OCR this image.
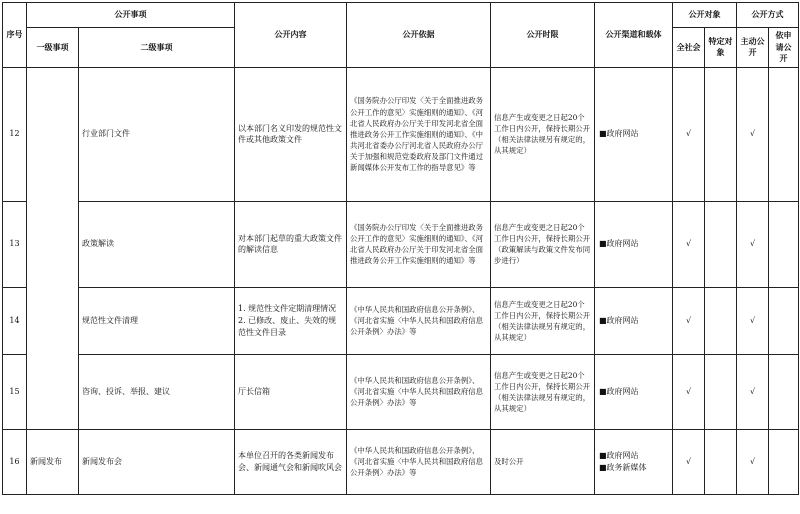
序号	公开事项		公开内容	公开依据	公开时限	公开渠道和载体	公开对象		公开方式	
	一级事项	二级事项					全社会	特定对象	主动公开	依申请公开
12		行业部门文件	以本部门名义印发的规范性文件或其他政策文件	《国务院办公厅印发〈关于全面推进政务公开工作的意见〉实施细则的通知》、《河北省人民政府办公厅关于印发河北省全面推进政务公开工作实施细则的通知》、《中共河北省委办公厅河北省人民政府办公厅关于加强和规范党委政府及部门文件通过新闻媒体公开发布工作的指导意见》等	信息产生或变更之日起20个工作日内公开，保持长期公开（相关法律法规另有规定的，从其规定）	■政府网站	√		√	
13		政策解读	对本部门起草的重大政策文件的解读信息	《国务院办公厅印发〈关于全面推进政务公开工作的意见〉实施细则的通知》、《河北省人民政府办公厅关于印发河北省全面推进政务公开工作实施细则的通知》等	信息产生或变更之日起20个工作日内公开，保持长期公开（政策解读与政策文件发布同步进行）	■政府网站	√		√	
14		规范性文件清理	1. 规范性文件定期清理情况
2. 已修改、废止、失效的规范性文件目录	《中华人民共和国政府信息公开条例》、《河北省实施〈中华人民共和国政府信息公开条例〉办法》等	信息产生或变更之日起20个工作日内公开，保持长期公开（相关法律法规另有规定的，从其规定）	■政府网站	√		√	
15		咨询、投诉、举报、建议	厅长信箱	《中华人民共和国政府信息公开条例》、《河北省实施〈中华人民共和国政府信息公开条例〉办法》等	信息产生或变更之日起20个工作日内公开，保持长期公开（相关法律法规另有规定的，从其规定）	■政府网站	√		√	
16	新闻发布	新闻发布会	本单位召开的各类新闻发布会、新闻通气会和新闻吹风会	《中华人民共和国政府信息公开条例》、《河北省实施〈中华人民共和国政府信息公开条例〉办法》等	及时公开	■政府网站
■政务新媒体	√		√	
